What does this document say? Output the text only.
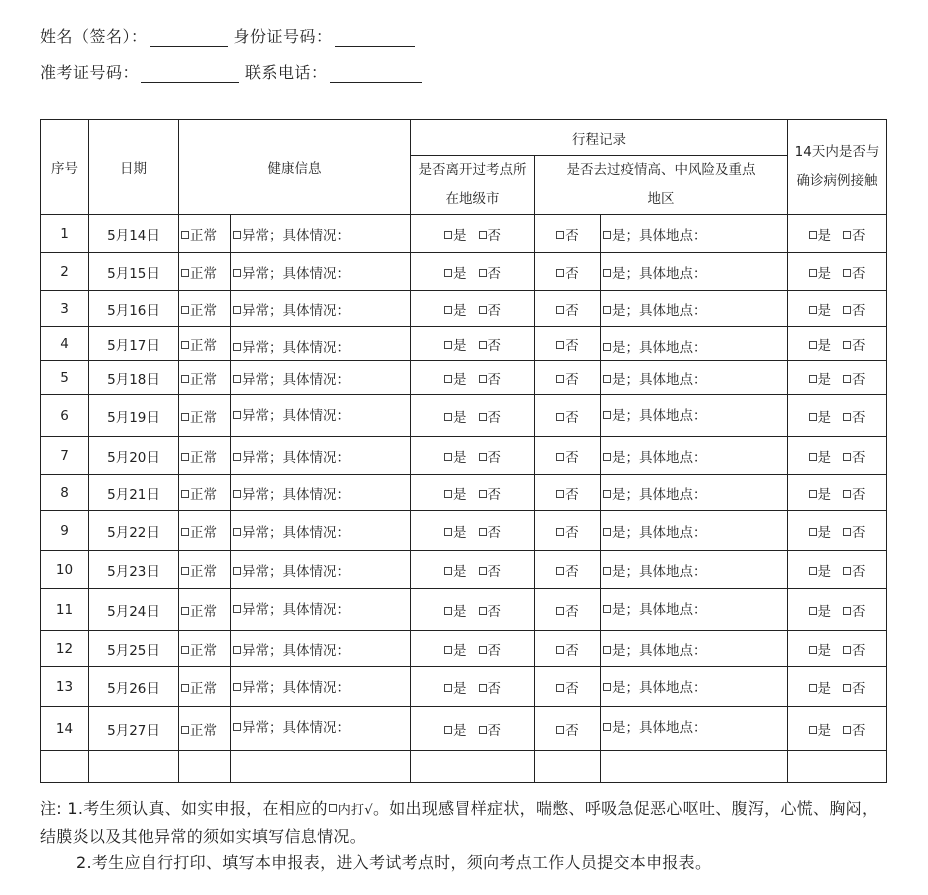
姓名（签名）：	身份证号码：
准考证号码：	联系电话：
序号	日期	健康信息		行程记录			14天内是否与确诊病例接触
				是否离开过考点所在地级市	是否去过疫情高、中风险及重点地区		
1	5月14日	正常	异常；具体情况：	是 否	否	是；具体地点：	是 否
2	5月15日	正常	异常；具体情况：	是 否	否	是；具体地点：	是 否
3	5月16日	正常	异常；具体情况：	是 否	否	是；具体地点：	是 否
4	5月17日	正常	异常；具体情况：	是 否	否	是；具体地点：	是 否
5	5月18日	正常	异常；具体情况：	是 否	否	是；具体地点：	是 否
6	5月19日	正常	异常；具体情况：	是 否	否	是；具体地点：	是 否
7	5月20日	正常	异常；具体情况：	是 否	否	是；具体地点：	是 否
8	5月21日	正常	异常；具体情况：	是 否	否	是；具体地点：	是 否
9	5月22日	正常	异常；具体情况：	是 否	否	是；具体地点：	是 否
10	5月23日	正常	异常；具体情况：	是 否	否	是；具体地点：	是 否
11	5月24日	正常	异常；具体情况：	是 否	否	是；具体地点：	是 否
12	5月25日	正常	异常；具体情况：	是 否	否	是；具体地点：	是 否
13	5月26日	正常	异常；具体情况：	是 否	否	是；具体地点：	是 否
14	5月27日	正常	异常；具体情况：	是 否	否	是；具体地点：	是 否

注: 1.考生须认真、如实申报，在相应的 内打√。如出现感冒样症状，喘憋、呼吸急促恶心呕吐、腹泻，心慌、胸闷，结膜炎以及其他异常的须如实填写信息情况。

2.考生应自行打印、填写本申报表，进入考试考点时，须向考点工作人员提交本申报表。
